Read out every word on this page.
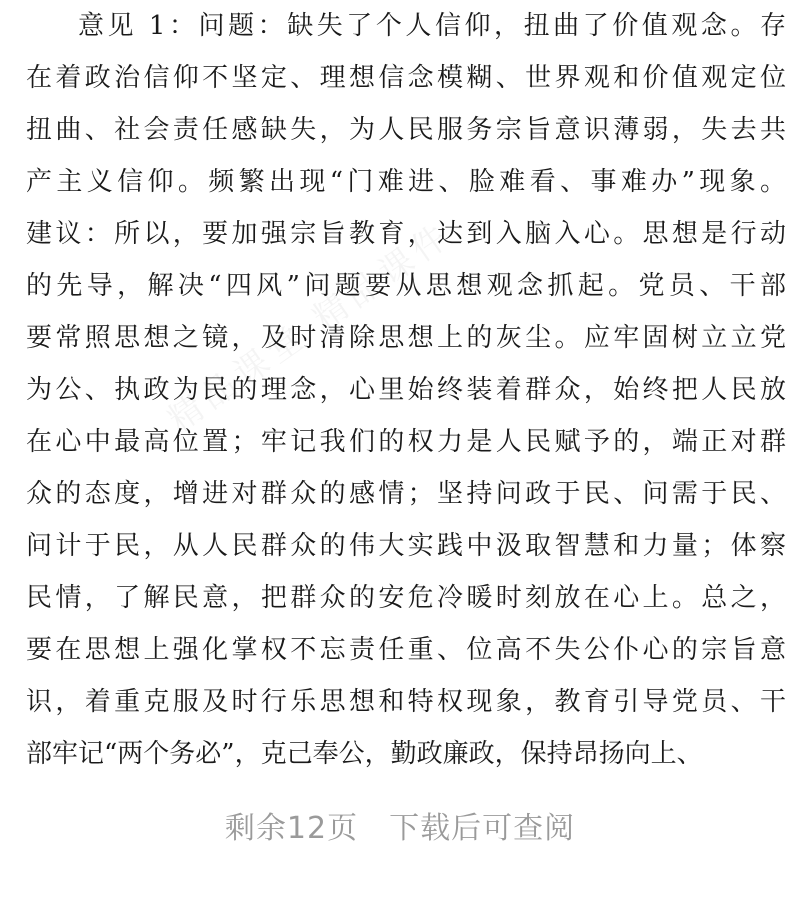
意见 1：问题：缺失了个人信仰，扭曲了价值观念。存
在着政治信仰不坚定、理想信念模糊、世界观和价值观定位
扭曲、社会责任感缺失，为人民服务宗旨意识薄弱，失去共
产主义信仰。频繁出现“门难进、脸难看、事难办”现象。
建议：所以，要加强宗旨教育，达到入脑入心。思想是行动
的先导，解决“四风”问题要从思想观念抓起。党员、干部
要常照思想之镜，及时清除思想上的灰尘。应牢固树立立党
为公、执政为民的理念，心里始终装着群众，始终把人民放
在心中最高位置；牢记我们的权力是人民赋予的，端正对群
众的态度，增进对群众的感情；坚持问政于民、问需于民、
问计于民，从人民群众的伟大实践中汲取智慧和力量；体察
民情，了解民意，把群众的安危冷暖时刻放在心上。总之，
要在思想上强化掌权不忘责任重、位高不失公仆心的宗旨意
识，着重克服及时行乐思想和特权现象，教育引导党员、干
部牢记“两个务必”，克己奉公，勤政廉政，保持昂扬向上、
剩余12页　下载后可查阅
